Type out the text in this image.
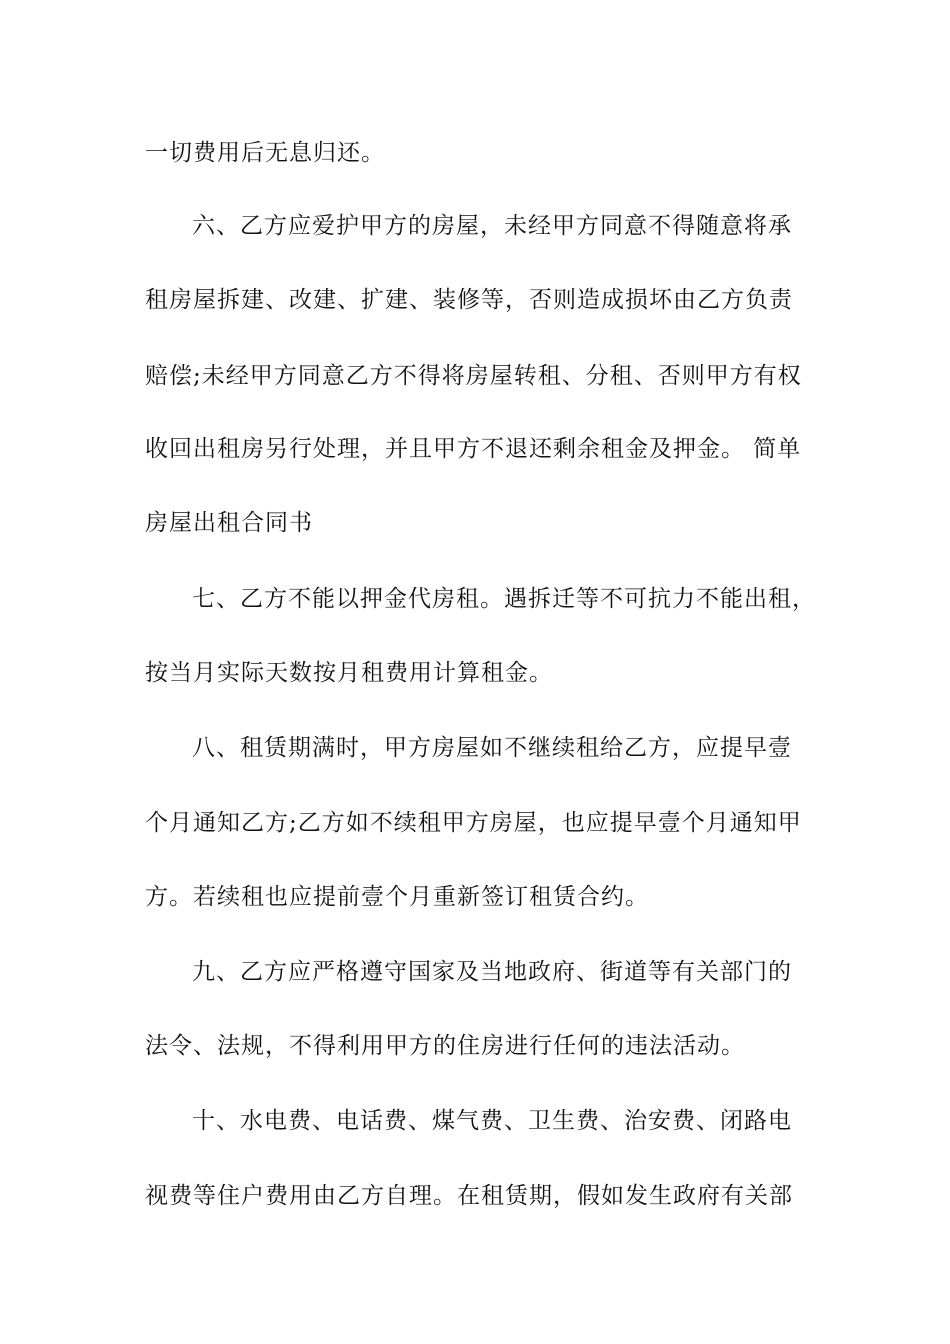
一切费用后无息归还。
六、乙方应爱护甲方的房屋，未经甲方同意不得随意将承
租房屋拆建、改建、扩建、装修等，否则造成损坏由乙方负责
赔偿;未经甲方同意乙方不得将房屋转租、分租、否则甲方有权
收回出租房另行处理，并且甲方不退还剩余租金及押金。 简单
房屋出租合同书
七、乙方不能以押金代房租。遇拆迁等不可抗力不能出租，
按当月实际天数按月租费用计算租金。
八、租赁期满时，甲方房屋如不继续租给乙方，应提早壹
个月通知乙方;乙方如不续租甲方房屋，也应提早壹个月通知甲
方。若续租也应提前壹个月重新签订租赁合约。
九、乙方应严格遵守国家及当地政府、街道等有关部门的
法令、法规，不得利用甲方的住房进行任何的违法活动。
十、水电费、电话费、煤气费、卫生费、治安费、闭路电
视费等住户费用由乙方自理。在租赁期，假如发生政府有关部
